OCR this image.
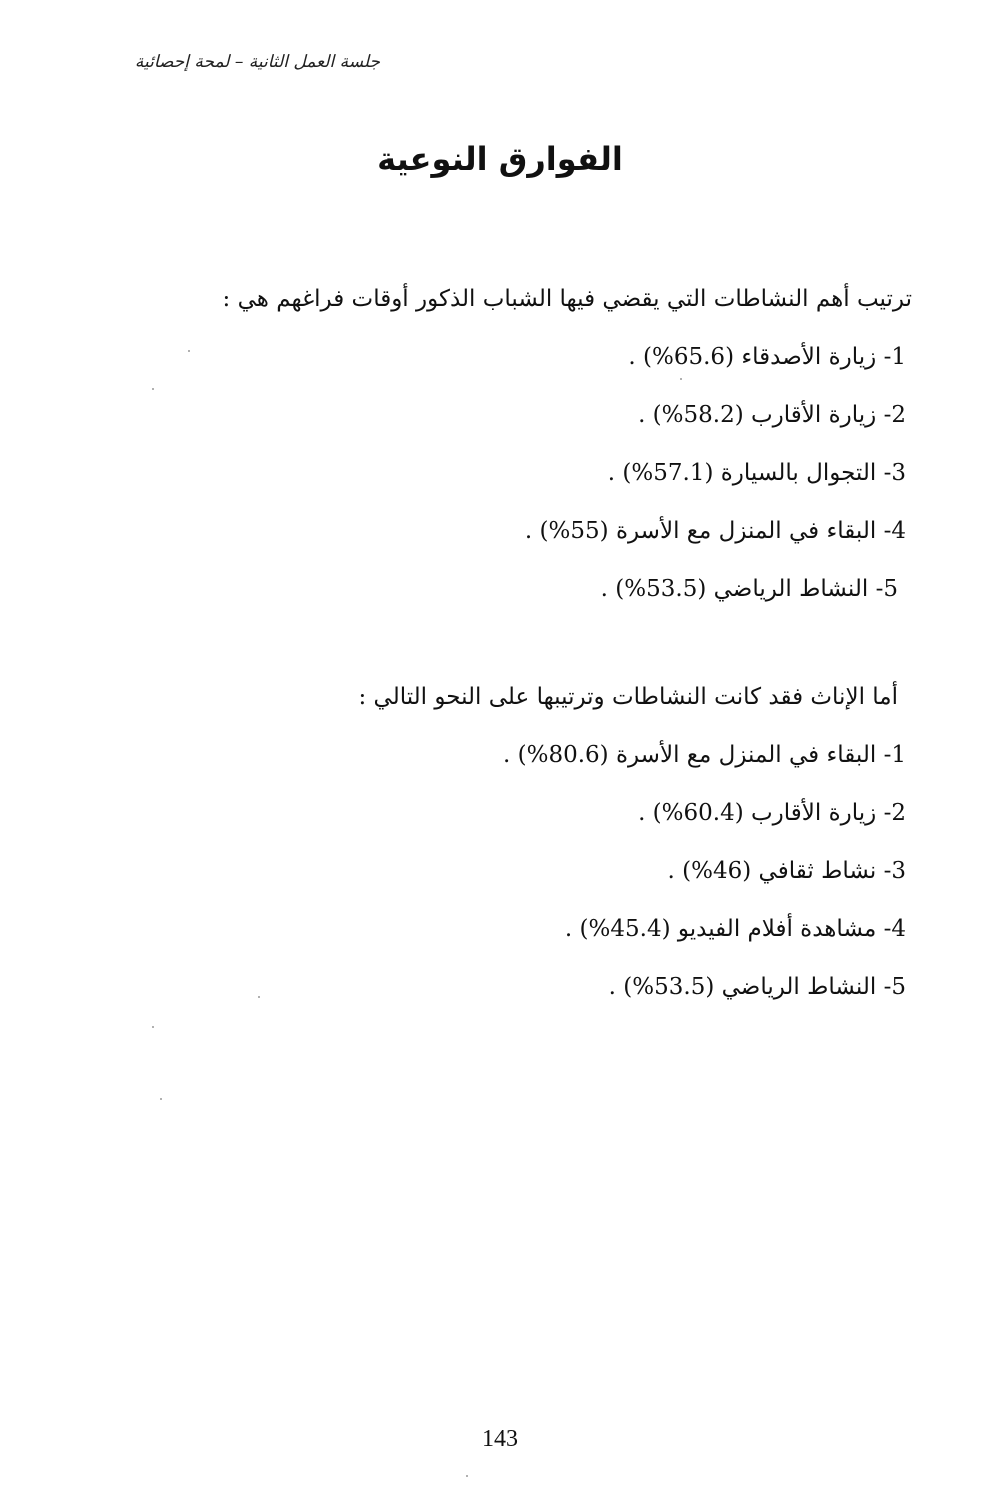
جلسة العمل الثانية – لمحة إحصائية
الفوارق النوعية

ترتيب أهم النشاطات التي يقضي فيها الشباب الذكور أوقات فراغهم هي :

1- زيارة الأصدقاء (65.6%) .

2- زيارة الأقارب (58.2%) .

3- التجوال بالسيارة (57.1%) .

4- البقاء في المنزل مع الأسرة (55%) .

5- النشاط الرياضي (53.5%) .

أما الإناث فقد كانت النشاطات وترتيبها على النحو التالي :

1- البقاء في المنزل مع الأسرة (80.6%) .

2- زيارة الأقارب (60.4%) .

3- نشاط ثقافي (46%) .

4- مشاهدة أفلام الفيديو (45.4%) .

5- النشاط الرياضي (53.5%) .

143
